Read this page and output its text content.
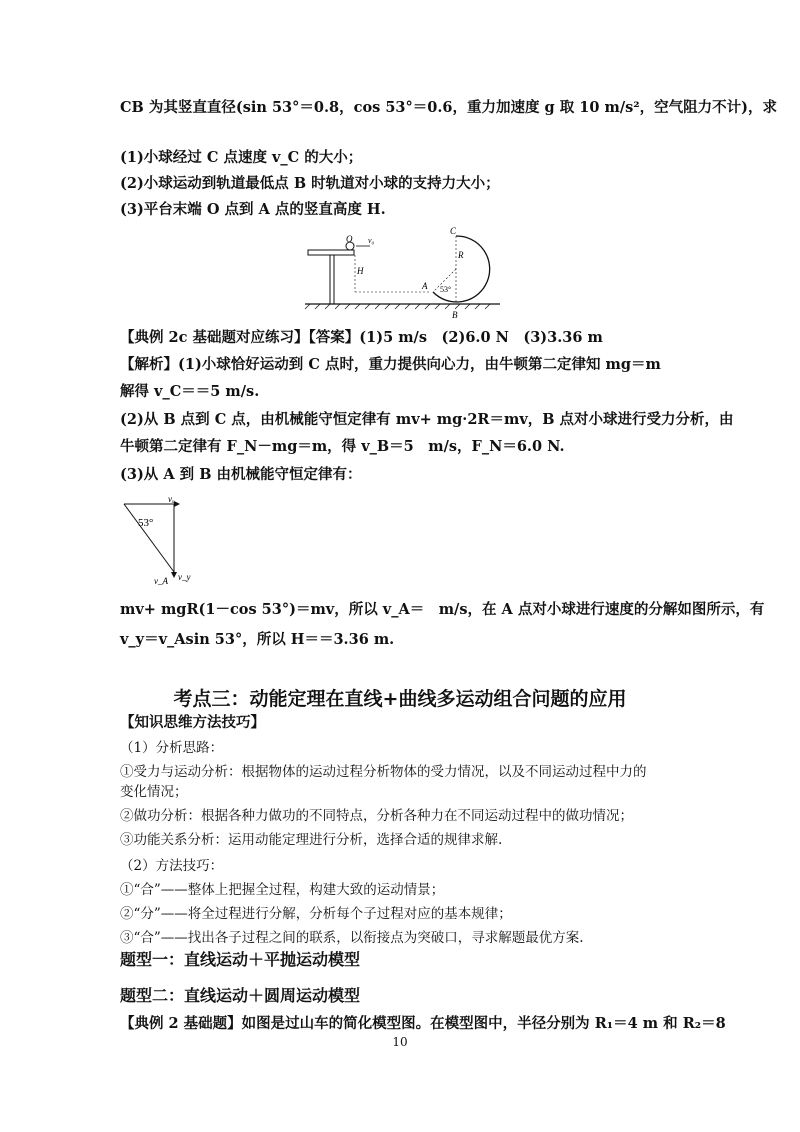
CB 为其竖直直径(sin 53°＝0.8，cos 53°＝0.6，重力加速度 g 取 10 m/s²，空气阻力不计)，求
(1)小球经过 C 点速度 v_C 的大小；
(2)小球运动到轨道最低点 B 时轨道对小球的支持力大小；
(3)平台末端 O 点到 A 点的竖直高度 H.
O v₀
H
A
C
R
53°
B
【典例 2c 基础题对应练习】【答案】(1)5 m/s　(2)6.0 N　(3)3.36 m
【解析】(1)小球恰好运动到 C 点时，重力提供向心力，由牛顿第二定律知 mg＝m
解得 v_C＝＝5 m/s.
(2)从 B 点到 C 点，由机械能守恒定律有 mv+ mg·2R＝mv，B 点对小球进行受力分析，由
牛顿第二定律有 F_N－mg＝m，得 v_B＝5　m/s，F_N＝6.0 N.
(3)从 A 到 B 由机械能守恒定律有：
vₓ
53°
v_A v_y
mv+ mgR(1－cos 53°)＝mv，所以 v_A＝　m/s，在 A 点对小球进行速度的分解如图所示，有
v_y＝v_Asin 53°，所以 H＝＝3.36 m.
考点三：动能定理在直线+曲线多运动组合问题的应用
【知识思维方法技巧】
（1）分析思路：
①受力与运动分析：根据物体的运动过程分析物体的受力情况，以及不同运动过程中力的
变化情况；
②做功分析：根据各种力做功的不同特点，分析各种力在不同运动过程中的做功情况；
③功能关系分析：运用动能定理进行分析，选择合适的规律求解.
（2）方法技巧：
①“合”——整体上把握全过程，构建大致的运动情景；
②“分”——将全过程进行分解，分析每个子过程对应的基本规律；
③“合”——找出各子过程之间的联系，以衔接点为突破口，寻求解题最优方案.
题型一：直线运动＋平抛运动模型
题型二：直线运动＋圆周运动模型
【典例 2 基础题】如图是过山车的简化模型图。在模型图中，半径分别为 R₁＝4 m 和 R₂＝8
10
